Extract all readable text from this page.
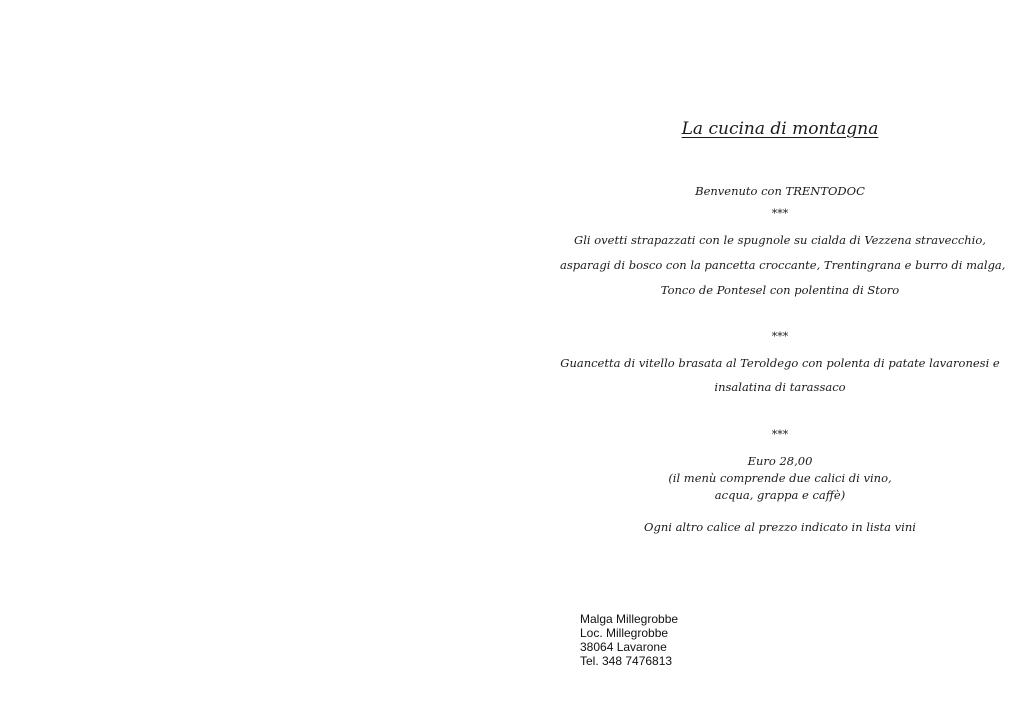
La cucina di montagna
Benvenuto con TRENTODOC
***
Gli ovetti strapazzati con le spugnole su cialda di Vezzena stravecchio,
asparagi di bosco con la pancetta croccante, Trentingrana e burro di malga,
Tonco de Pontesel con polentina di Storo
***
Guancetta di vitello brasata al Teroldego con polenta di patate lavaronesi e
insalatina di tarassaco
***
Euro 28,00
(il menù comprende due calici di vino,
acqua, grappa e caffè)
Ogni altro calice al prezzo indicato in lista vini
Malga Millegrobbe
Loc. Millegrobbe
38064 Lavarone
Tel. 348 7476813
